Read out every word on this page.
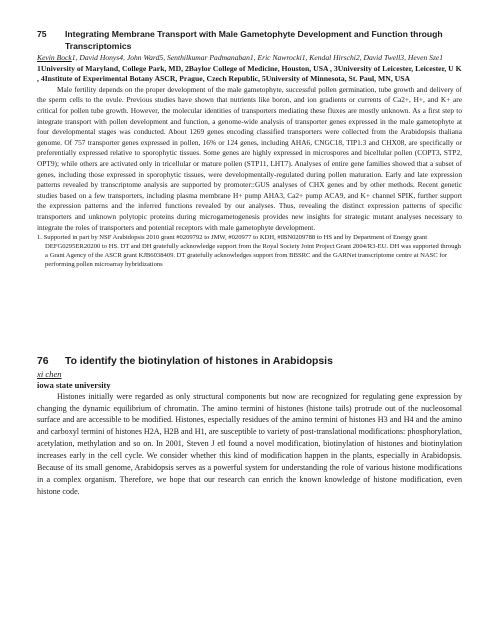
75	Integrating Membrane Transport with Male Gametophyte Development and Function through Transcriptomics
Kevin Bock1, David Honys4, John Ward5, Senthilkumar Padmanaban1, Eric Nawrocki1, Kendal Hirschi2, David Twell3, Heven Sze1
1University of Maryland, College Park, MD, 2Baylor College of Medicine, Houston, USA , 3University of Leicester, Leicester, U K , 4Institute of Experimental Botany ASCR, Prague, Czech Republic, 5University of Minnesota, St. Paul, MN, USA

Male fertility depends on the proper development of the male gametophyte, successful pollen germination, tube growth and delivery of the sperm cells to the ovule. Previous studies have shown that nutrients like boron, and ion gradients or currents of Ca2+, H+, and K+ are critical for pollen tube growth. However, the molecular identities of transporters mediating these fluxes are mostly unknown. As a first step to integrate transport with pollen development and function, a genome-wide analysis of transporter genes expressed in the male gametophyte at four developmental stages was conducted. About 1269 genes encoding classified transporters were collected from the Arabidopsis thaliana genome. Of 757 transporter genes expressed in pollen, 16% or 124 genes, including AHA6, CNGC18, TIP1.3 and CHX08, are specifically or preferentially expressed relative to sporophytic tissues. Some genes are highly expressed in microspores and bicellular pollen (COPT3, STP2, OPT9); while others are activated only in tricellular or mature pollen (STP11, LHT7). Analyses of entire gene families showed that a subset of genes, including those expressed in sporophytic tissues, were developmentally-regulated during pollen maturation. Early and late expression patterns revealed by transcriptome analysis are supported by promoter::GUS analyses of CHX genes and by other methods. Recent genetic studies based on a few transporters, including plasma membrane H+ pump AHA3, Ca2+ pump ACA9, and K+ channel SPIK, further support the expression patterns and the inferred functions revealed by our analyses. Thus, revealing the distinct expression patterns of specific transporters and unknown polytopic proteins during microgametogenesis provides new insights for strategic mutant analyses necessary to integrate the roles of transporters and potential receptors with male gametophyte development.

1. Supported in part by NSF Arabidopsis 2010 grant #0209792 to JMW, #020977 to KDH, #IBN0209788 to HS and by Department of Energy grant DEFG0295ER20200 to HS. DT and DH gratefully acknowledge support from the Royal Society Joint Project Grant 2004/R3-EU. DH was supported through a Grant Agency of the ASCR grant KJB6038409. DT gratefully acknowledges support from BBSRC and the GARNet transcriptome centre at NASC for performing pollen microarray hybridizations
76	To identify the biotinylation of histones in Arabidopsis
xi chen
iowa state university

Histones initially were regarded as only structural components but now are recognized for regulating gene expression by changing the dynamic equilibrium of chromatin. The amino termini of histones (histone tails) protrude out of the nucleosomal surface and are accessible to be modified. Histones, especially residues of the amino termini of histones H3 and H4 and the amino and carboxyl termini of histones H2A, H2B and H1, are susceptible to variety of post-translational modifications: phosphorylation, acetylation, methylation and so on. In 2001, Steven J etl found a novel modification, biotinylation of histones and biotinylation increases early in the cell cycle. We consider whether this kind of modification happen in the plants, especially in Arabidopsis. Because of its small genome, Arabidopsis serves as a powerful system for understanding the role of various histone modifications in a complex organism. Therefore, we hope that our research can enrich the known knowledge of histone modification, even histone code.
